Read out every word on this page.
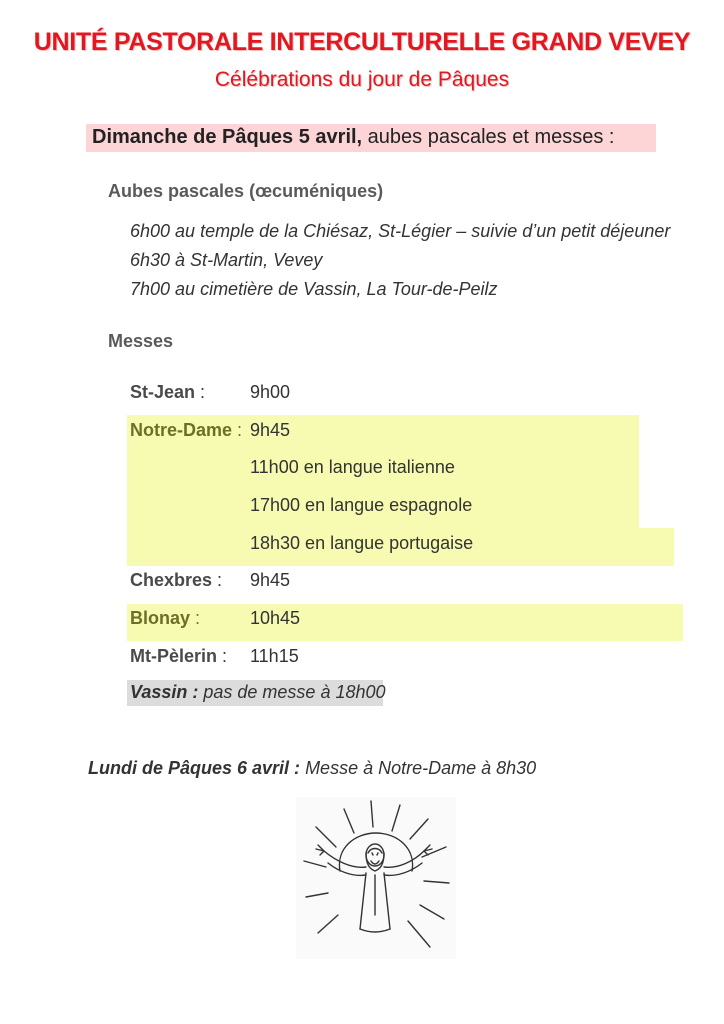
UNITÉ PASTORALE INTERCULTURELLE GRAND VEVEY
Célébrations du jour de Pâques
Dimanche de Pâques 5 avril, aubes pascales et messes :
Aubes pascales (œcuméniques)
6h00 au temple de la Chiésaz, St-Légier – suivie d’un petit déjeuner
6h30 à St-Martin, Vevey
7h00 au cimetière de Vassin, La Tour-de-Peilz
Messes
St-Jean : 9h00
Notre-Dame : 9h45
11h00 en langue italienne
17h00 en langue espagnole
18h30 en langue portugaise
Chexbres : 9h45
Blonay :	10h45
Mt-Pèlerin : 11h15
Vassin : pas de messe à 18h00
Lundi de Pâques 6 avril : Messe à Notre-Dame à 8h30
